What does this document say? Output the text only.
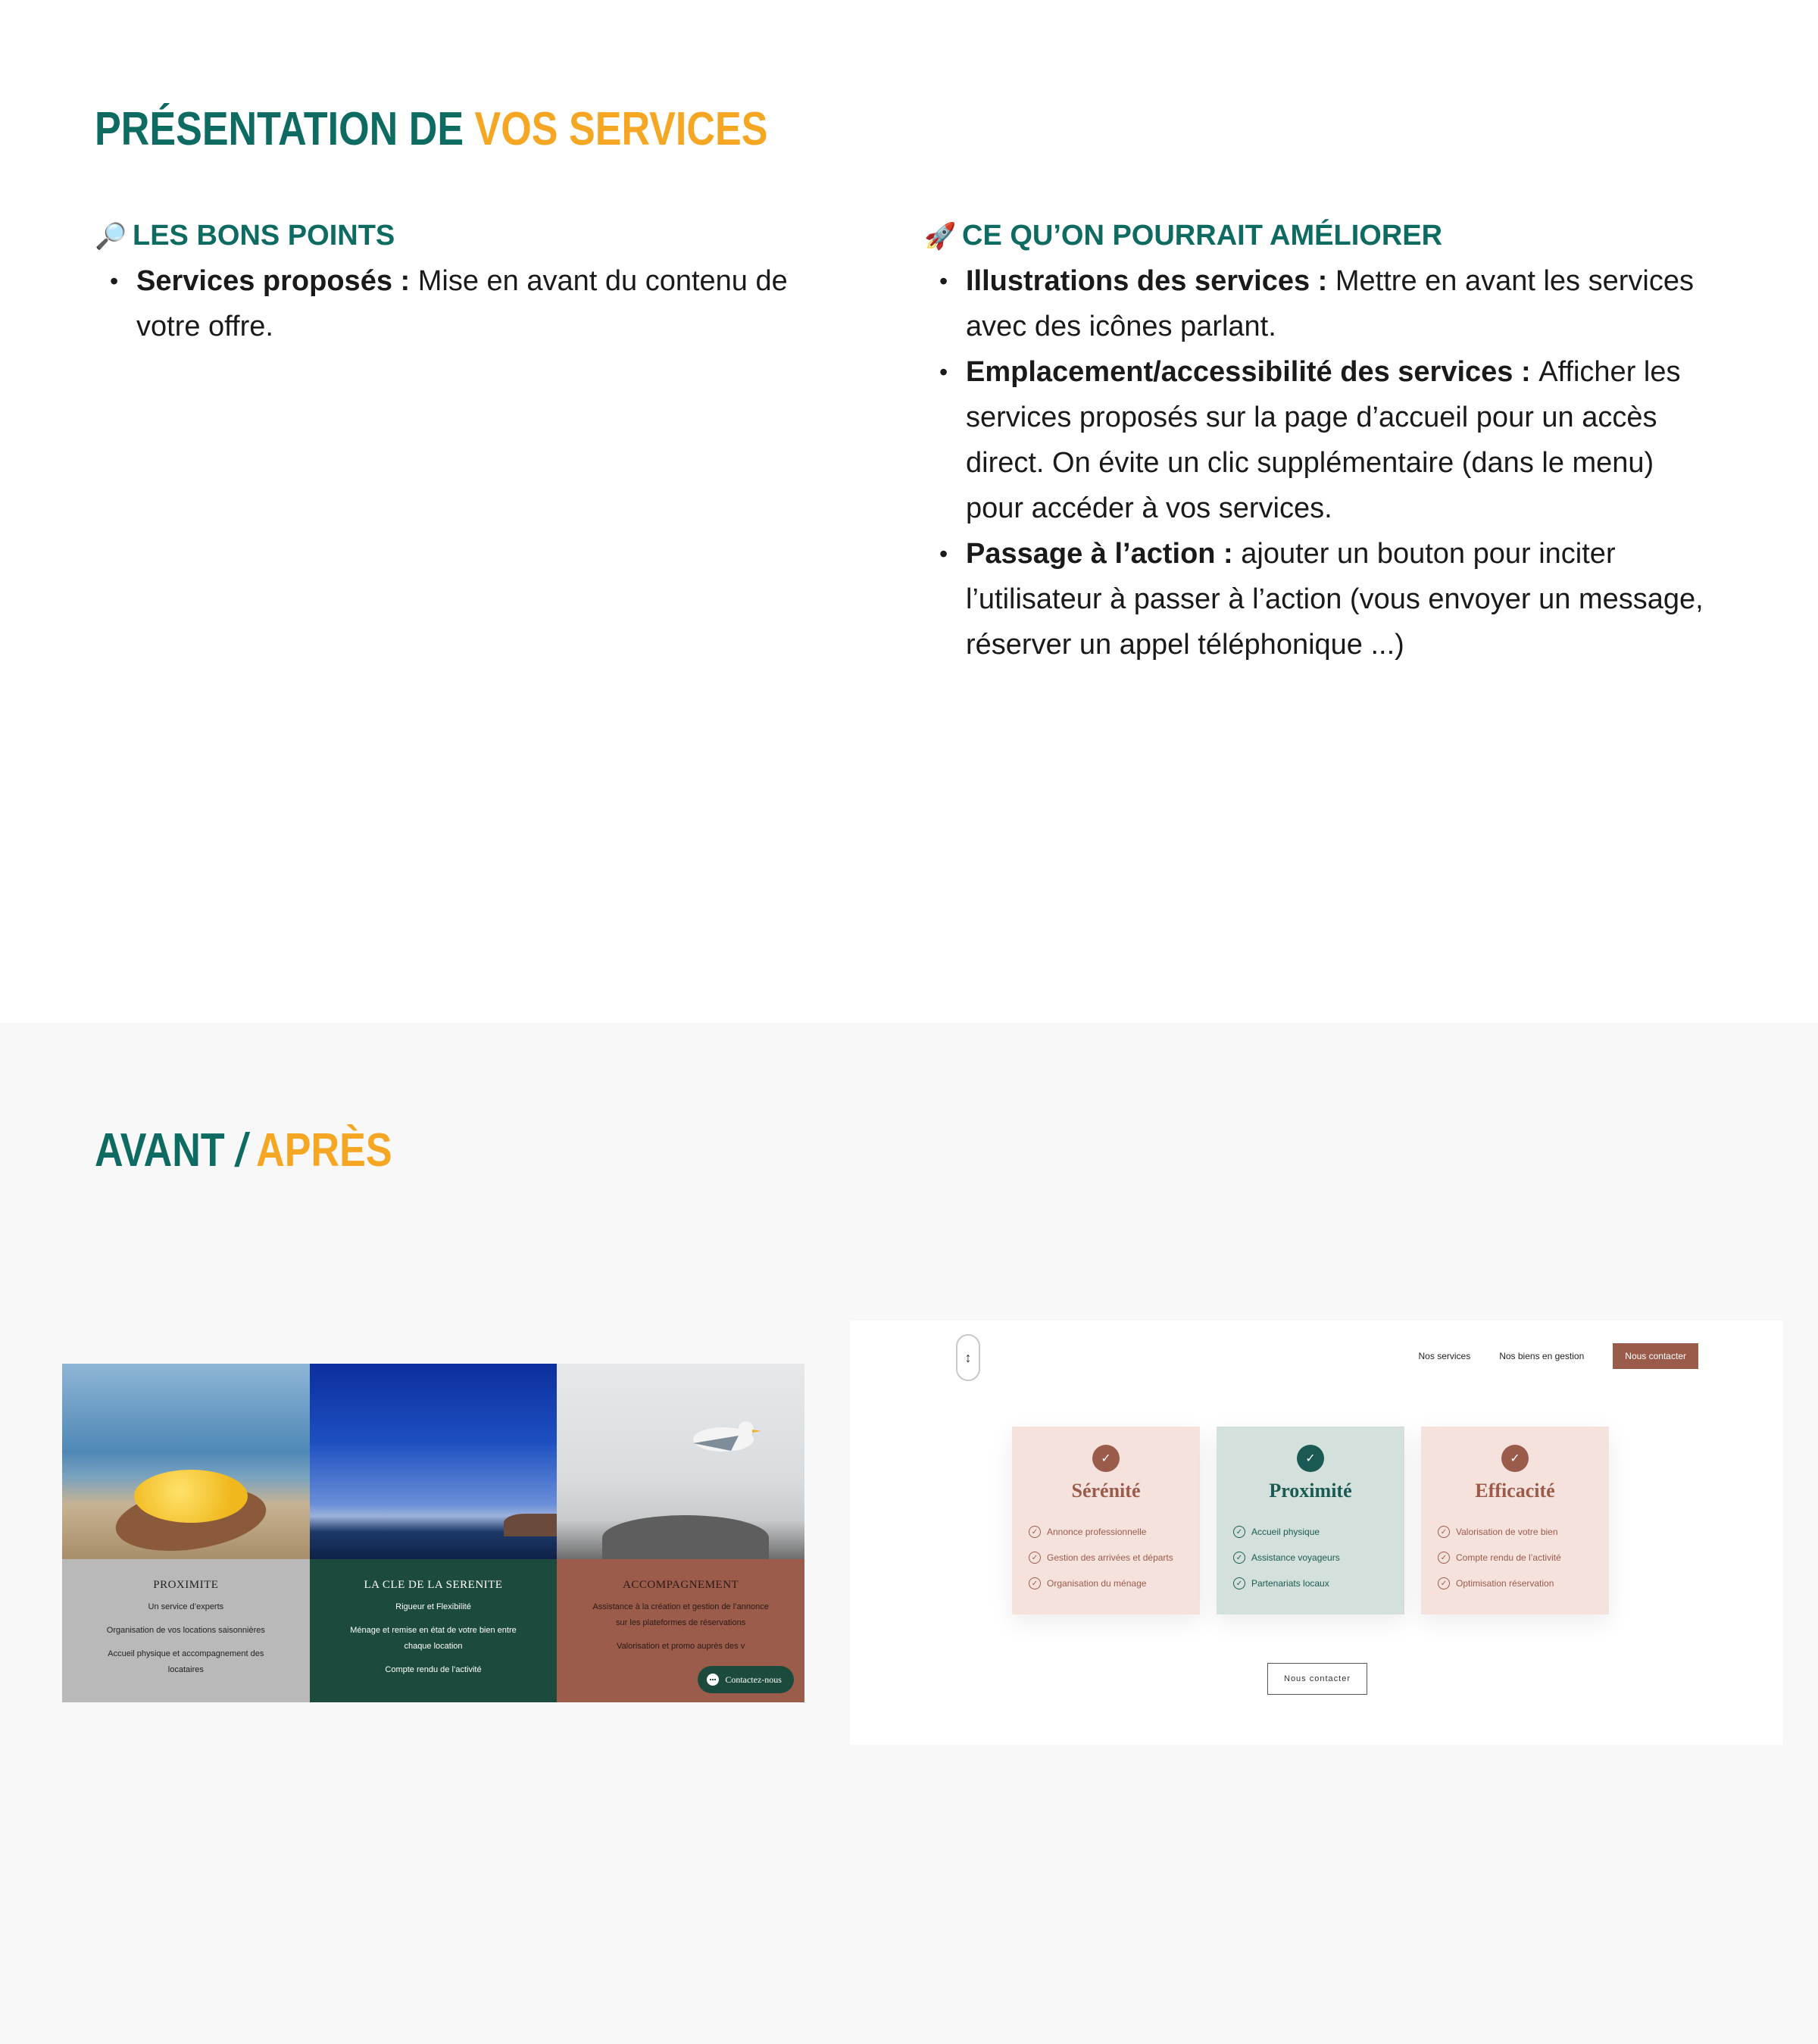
PRÉSENTATION DE VOS SERVICES
🔎 LES BONS POINTS
• Services proposés : Mise en avant du contenu de votre offre.
🚀 CE QU’ON POURRAIT AMÉLIORER
• Illustrations des services : Mettre en avant les services avec des icônes parlant.
• Emplacement/accessibilité des services : Afficher les services proposés sur la page d’accueil pour un accès direct. On évite un clic supplémentaire (dans le menu) pour accéder à vos services.
• Passage à l’action : ajouter un bouton pour inciter l’utilisateur à passer à l’action (vous envoyer un message, réserver un appel téléphonique ...)
AVANT / APRÈS
PROXIMITE
Un service d’experts
Organisation de vos locations saisonnières
Accueil physique et accompagnement des locataires
LA CLE DE LA SERENITE
Rigueur et Flexibilité
Ménage et remise en état de votre bien entre chaque location
Compte rendu de l’activité
ACCOMPAGNEMENT
Assistance à la création et gestion de l’annonce sur les plateformes de réservations
Valorisation et promo auprès des v
Contactez-nous
↕	Nos services	Nos biens en gestion	Nous contacter
✓
Sérénité
✓ Annonce professionnelle
✓ Gestion des arrivées et départs
✓ Organisation du ménage
✓
Proximité
✓ Accueil physique
✓ Assistance voyageurs
✓ Partenariats locaux
✓
Efficacité
✓ Valorisation de votre bien
✓ Compte rendu de l’activité
✓ Optimisation réservation
Nous contacter
